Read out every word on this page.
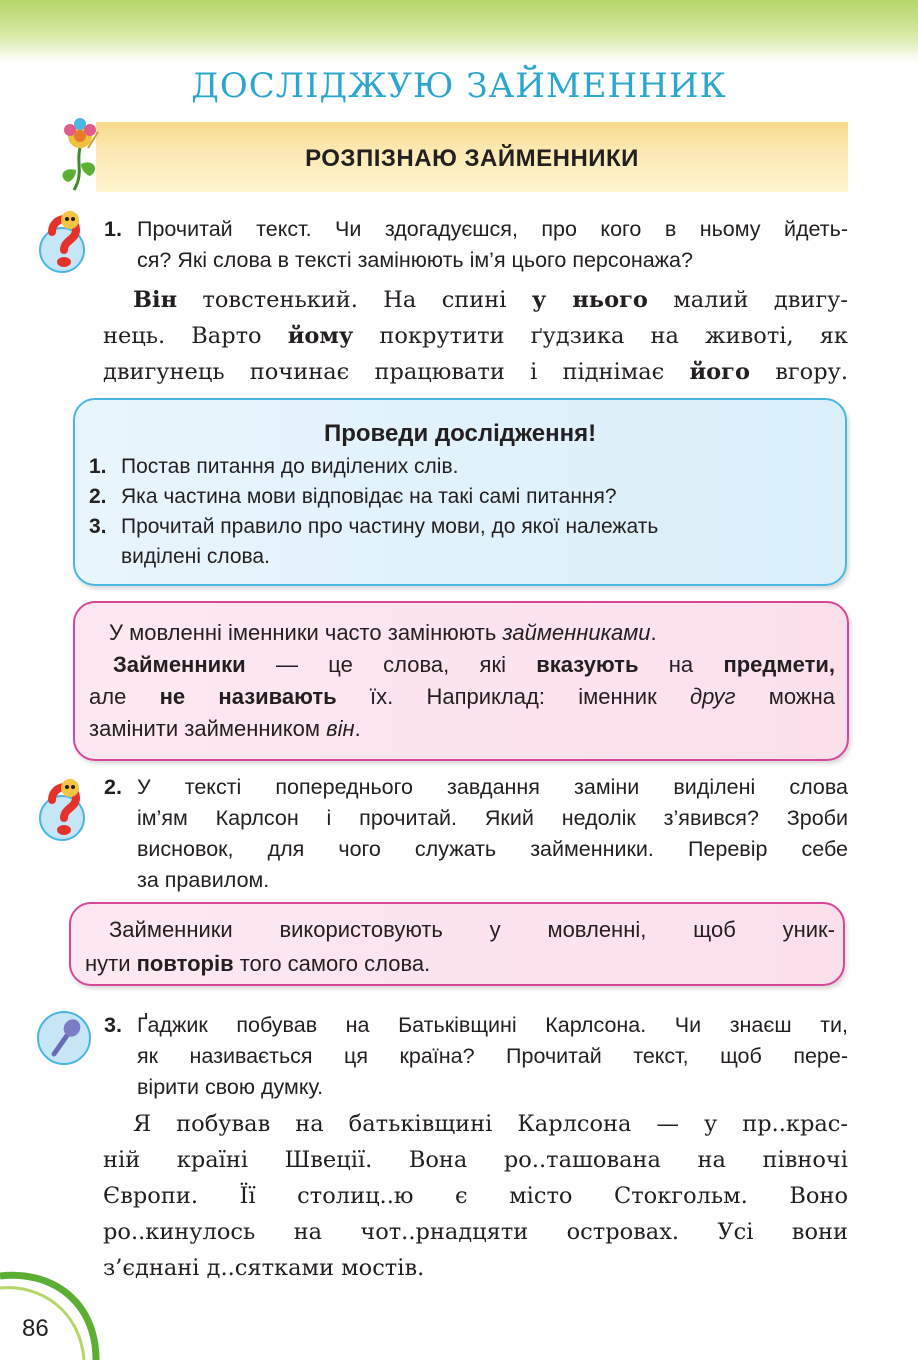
ДОСЛІДЖУЮ ЗАЙМЕННИК
РОЗПІЗНАЮ ЗАЙМЕННИКИ
1. Прочитай текст. Чи здогадуєшся, про кого в ньому йдеть-
ся? Які слова в тексті замінюють ім’я цього персонажа?
Він товстенький. На спині у нього малий двигу-
нець. Варто йому покрутити ґудзика на животі, як
двигунець починає працювати і піднімає його вгору.
Проведи дослідження!
1. Постав питання до виділених слів.
2. Яка частина мови відповідає на такі самі питання?
3. Прочитай правило про частину мови, до якої належать
виділені слова.
У мовленні іменники часто замінюють займенниками.
Займенники — це слова, які вказують на предмети,
але не називають їх. Наприклад: іменник друг можна
замінити займенником він.
2. У тексті попереднього завдання заміни виділені слова
ім’ям Карлсон і прочитай. Який недолік з’явився? Зроби
висновок, для чого служать займенники. Перевір себе
за правилом.
Займенники використовують у мовленні, щоб уник-
нути повторів того самого слова.
3. Ґаджик побував на Батьківщині Карлсона. Чи знаєш ти,
як називається ця країна? Прочитай текст, щоб пере-
вірити свою думку.
Я побував на батьківщині Карлсона — у пр..крас-
ній країні Швеції. Вона ро..ташована на півночі
Європи. Її столиц..ю є місто Стокгольм. Воно
ро..кинулось на чот..рнадцяти островах. Усі вони
з’єднані д..сятками мостів.
86
